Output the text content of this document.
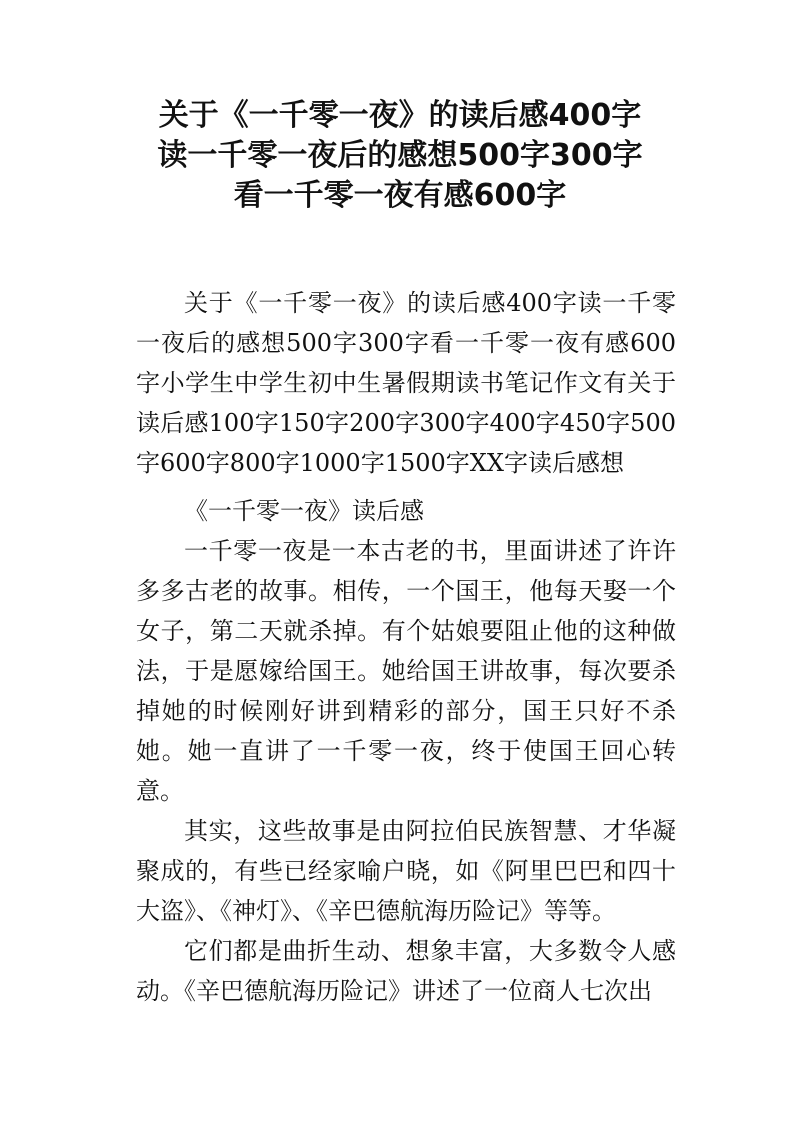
关于《一千零一夜》的读后感400字
读一千零一夜后的感想500字300字
看一千零一夜有感600字

关于《一千零一夜》的读后感400字读一千零一夜后的感想500字300字看一千零一夜有感600字小学生中学生初中生暑假期读书笔记作文有关于读后感100字150字200字300字400字450字500字600字800字1000字1500字XX字读后感想

《一千零一夜》读后感

一千零一夜是一本古老的书，里面讲述了许许多多古老的故事。相传，一个国王，他每天娶一个女子，第二天就杀掉。有个姑娘要阻止他的这种做法，于是愿嫁给国王。她给国王讲故事，每次要杀掉她的时候刚好讲到精彩的部分，国王只好不杀她。她一直讲了一千零一夜，终于使国王回心转意。

其实，这些故事是由阿拉伯民族智慧、才华凝聚成的，有些已经家喻户晓，如《阿里巴巴和四十大盗》、《神灯》、《辛巴德航海历险记》等等。

它们都是曲折生动、想象丰富，大多数令人感动。《辛巴德航海历险记》讲述了一位商人七次出
